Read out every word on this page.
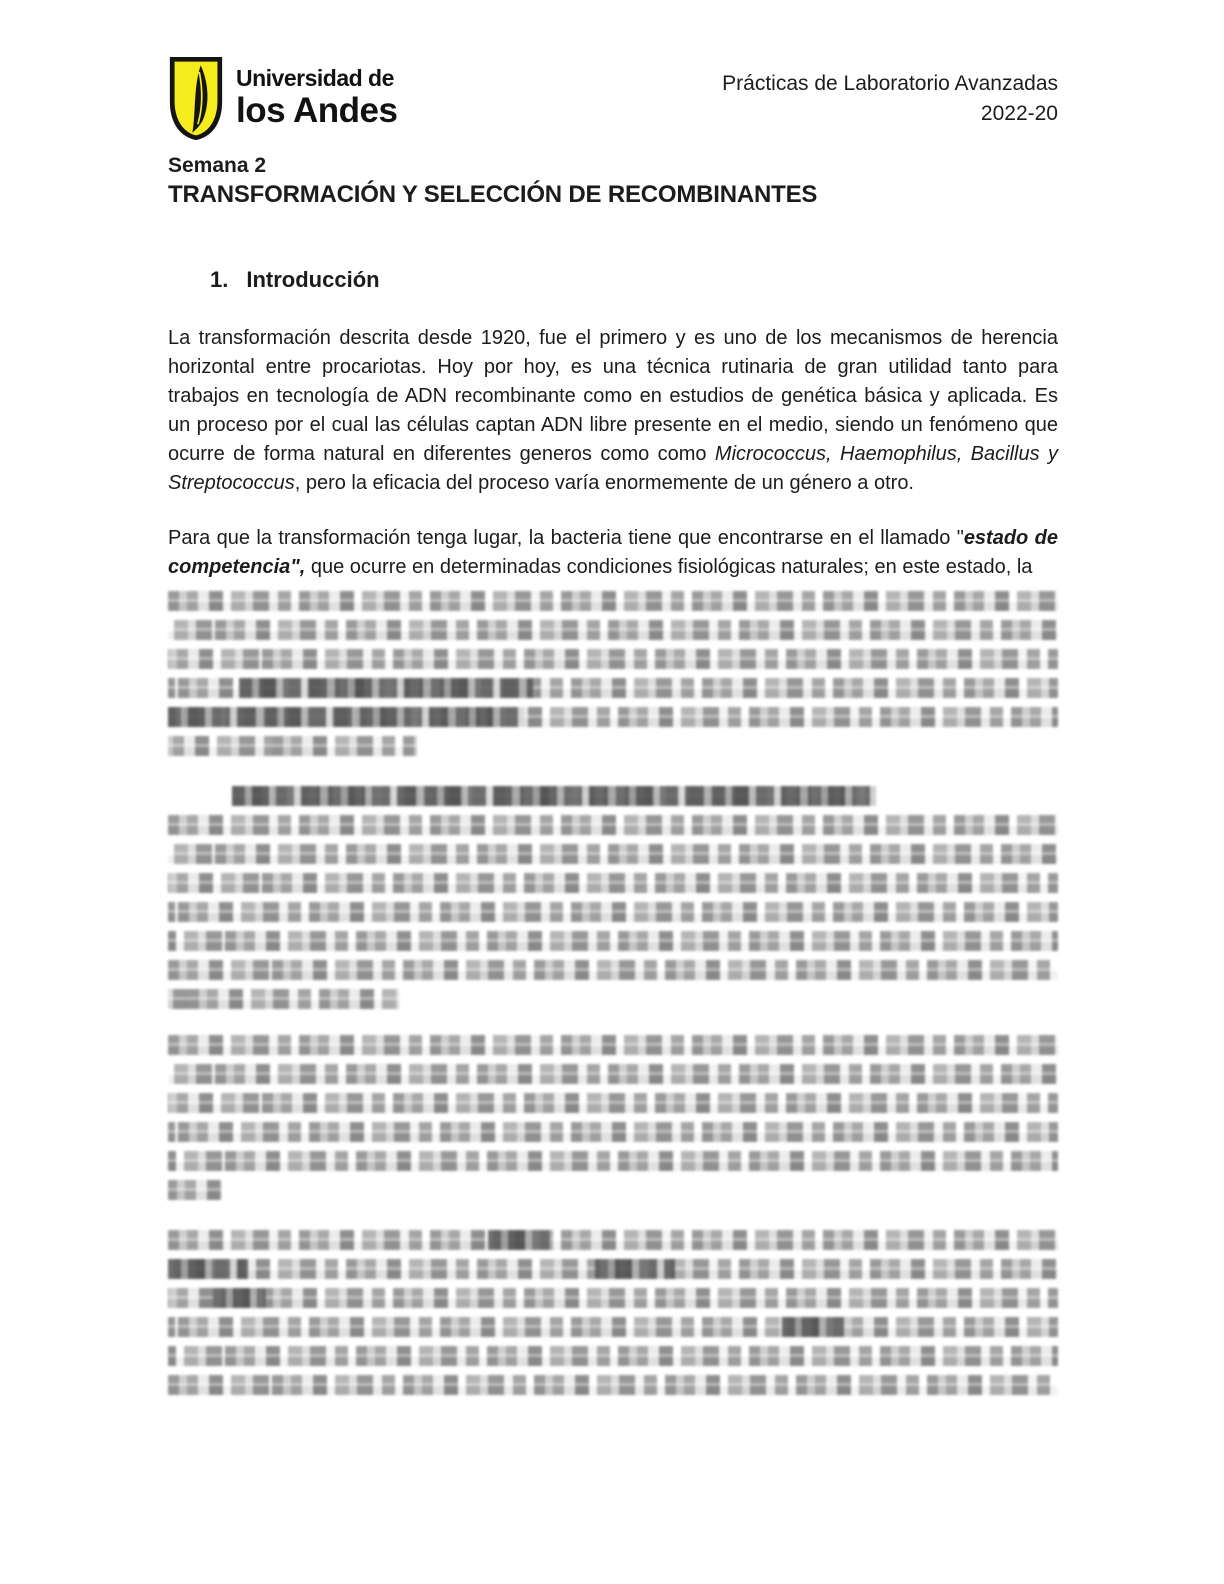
Universidad de
los Andes
Prácticas de Laboratorio Avanzadas
2022-20
Semana 2
TRANSFORMACIÓN Y SELECCIÓN DE RECOMBINANTES
1. Introducción

La transformación descrita desde 1920, fue el primero y es uno de los mecanismos de herencia horizontal entre procariotas. Hoy por hoy, es una técnica rutinaria de gran utilidad tanto para trabajos en tecnología de ADN recombinante como en estudios de genética básica y aplicada. Es un proceso por el cual las células captan ADN libre presente en el medio, siendo un fenómeno que ocurre de forma natural en diferentes generos como como Micrococcus, Haemophilus, Bacillus y Streptococcus, pero la eficacia del proceso varía enormemente de un género a otro.

Para que la transformación tenga lugar, la bacteria tiene que encontrarse en el llamado "estado de competencia", que ocurre en determinadas condiciones fisiológicas naturales; en este estado, la
